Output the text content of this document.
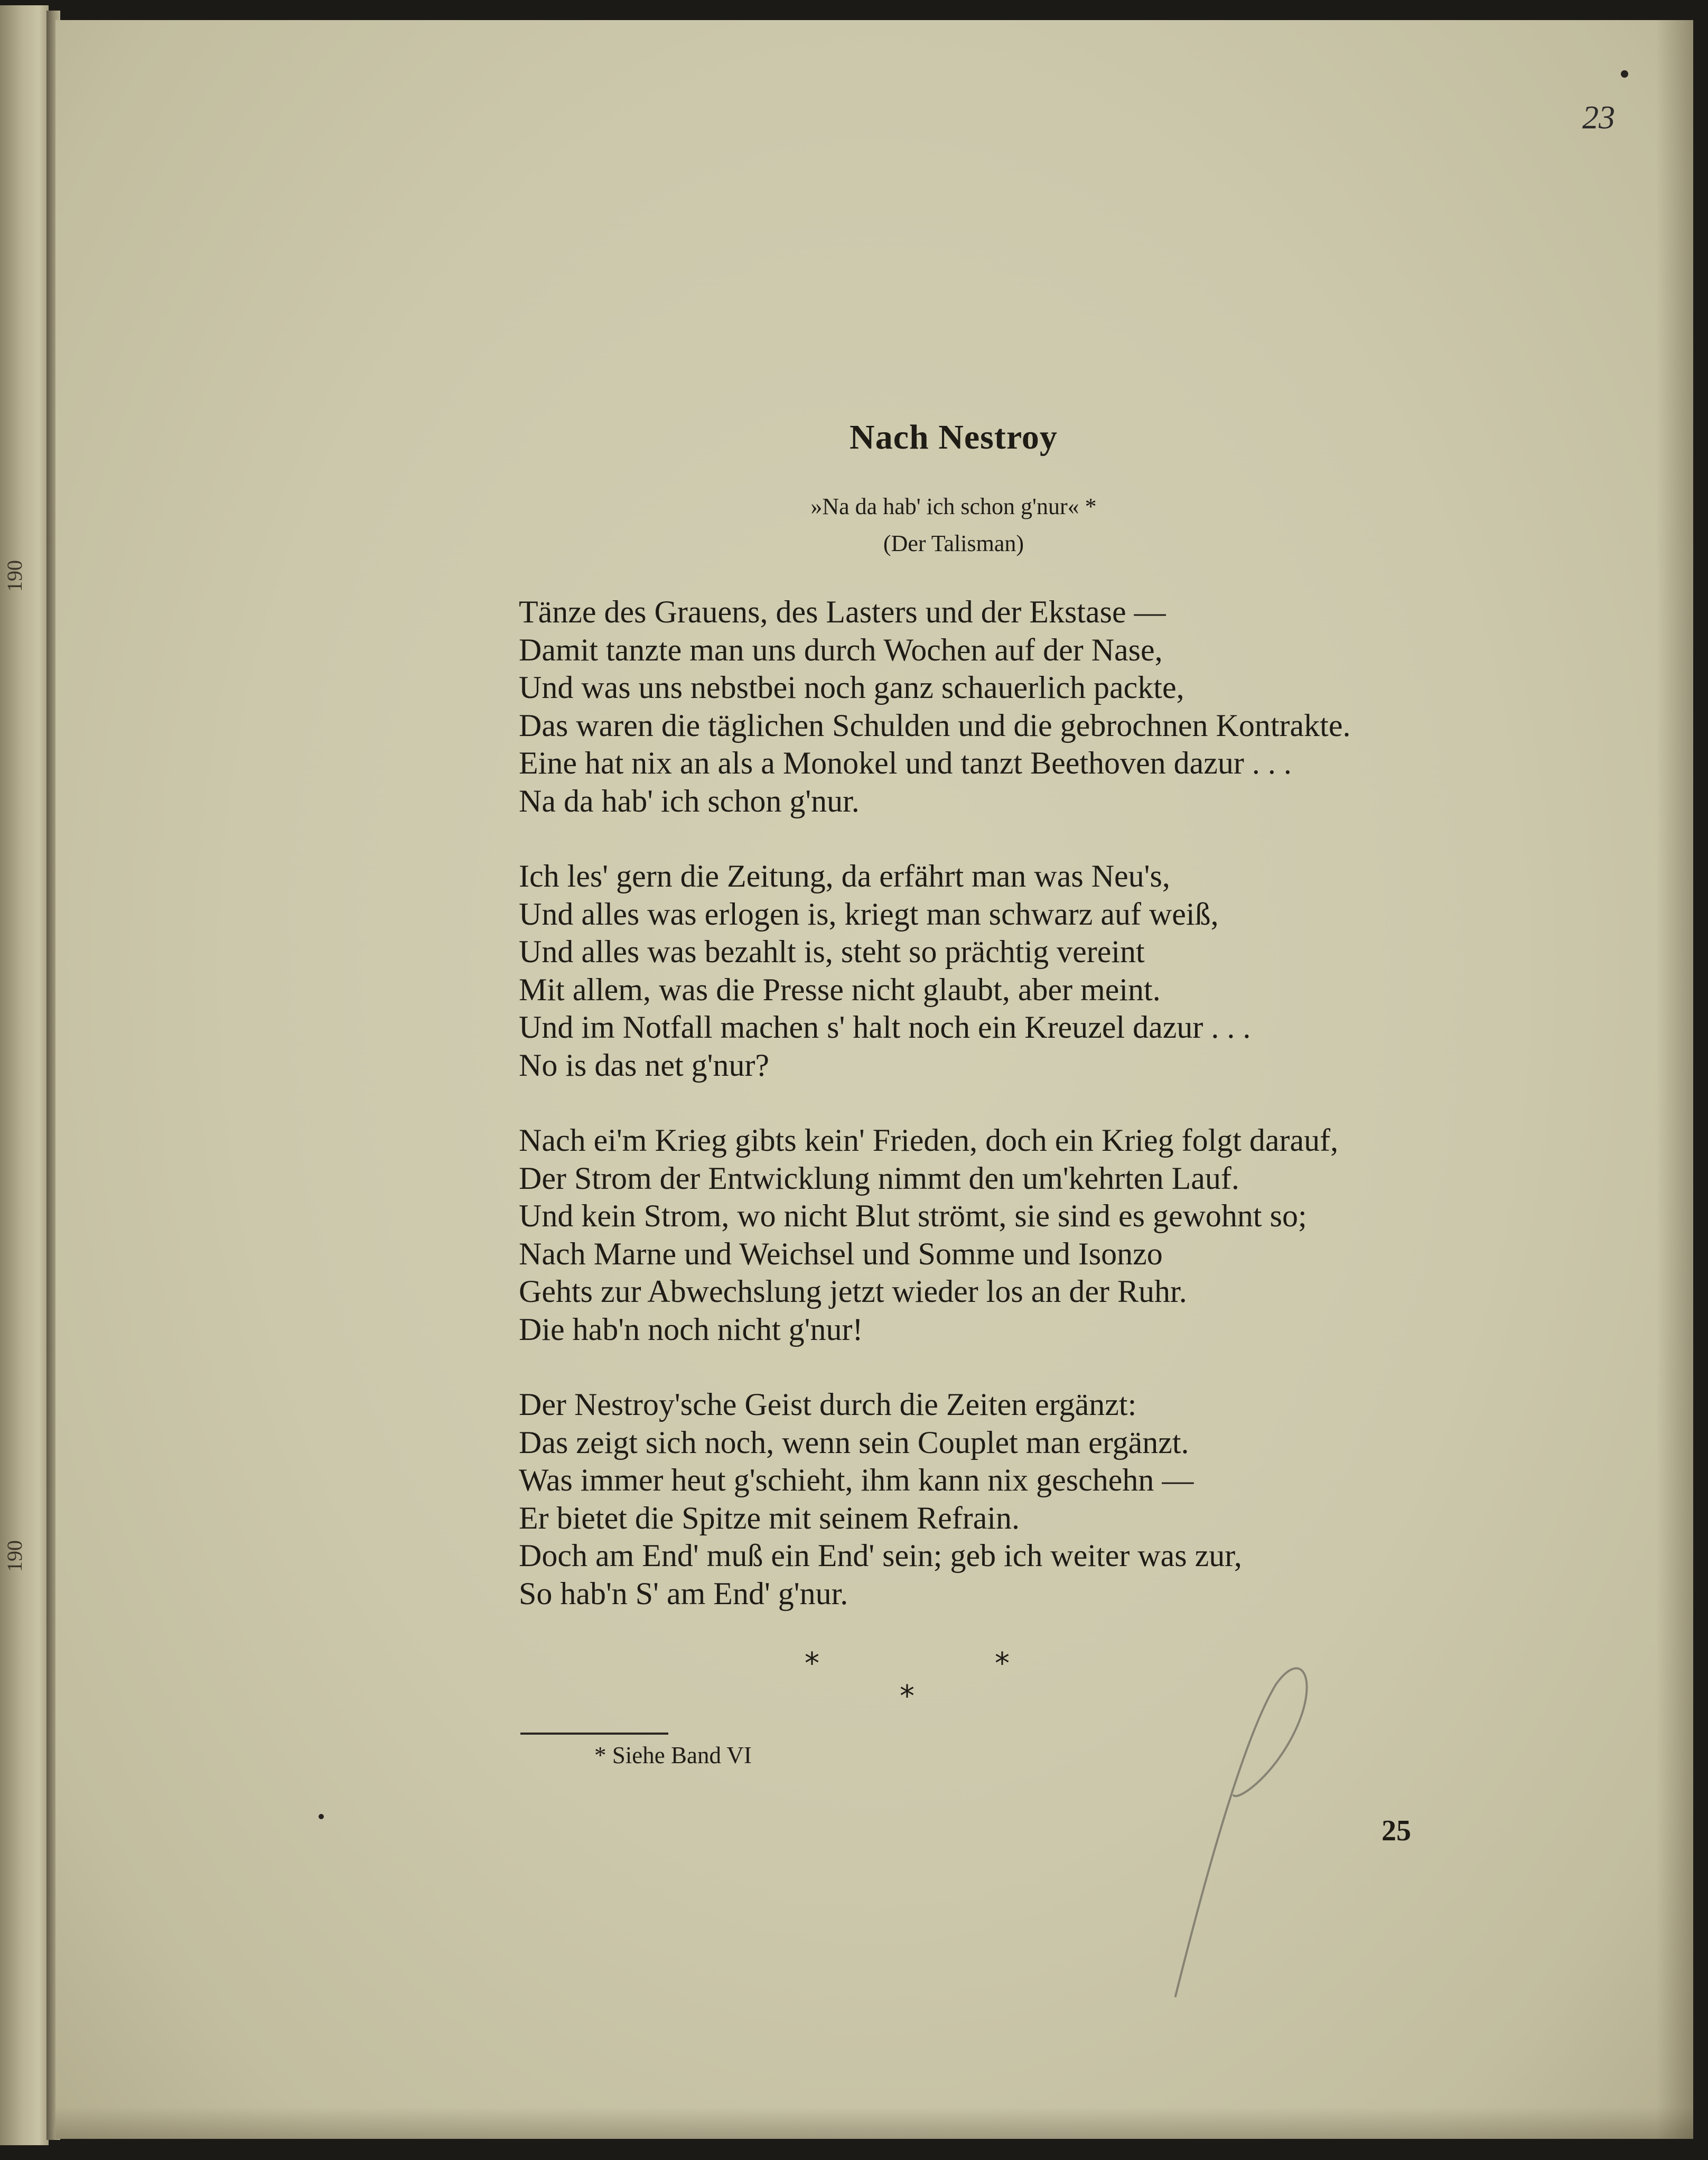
190
190
23
Nach Nestroy
»Na da hab' ich schon g'nur« *
(Der Talisman)
Tänze des Grauens, des Lasters und der Ekstase —
Damit tanzte man uns durch Wochen auf der Nase,
Und was uns nebstbei noch ganz schauerlich packte,
Das waren die täglichen Schulden und die gebrochnen Kontrakte.
Eine hat nix an als a Monokel und tanzt Beethoven dazur . . .
Na da hab' ich schon g'nur.
Ich les' gern die Zeitung, da erfährt man was Neu's,
Und alles was erlogen is, kriegt man schwarz auf weiß,
Und alles was bezahlt is, steht so prächtig vereint
Mit allem, was die Presse nicht glaubt, aber meint.
Und im Notfall machen s' halt noch ein Kreuzel dazur . . .
No is das net g'nur?
Nach ei'm Krieg gibts kein' Frieden, doch ein Krieg folgt darauf,
Der Strom der Entwicklung nimmt den um'kehrten Lauf.
Und kein Strom, wo nicht Blut strömt, sie sind es gewohnt so;
Nach Marne und Weichsel und Somme und Isonzo
Gehts zur Abwechslung jetzt wieder los an der Ruhr.
Die hab'n noch nicht g'nur!
Der Nestroy'sche Geist durch die Zeiten ergänzt:
Das zeigt sich noch, wenn sein Couplet man ergänzt.
Was immer heut g'schieht, ihm kann nix geschehn —
Er bietet die Spitze mit seinem Refrain.
Doch am End' muß ein End' sein; geb ich weiter was zur,
So hab'n S' am End' g'nur.
*	*
*
* Siehe Band VI
25
